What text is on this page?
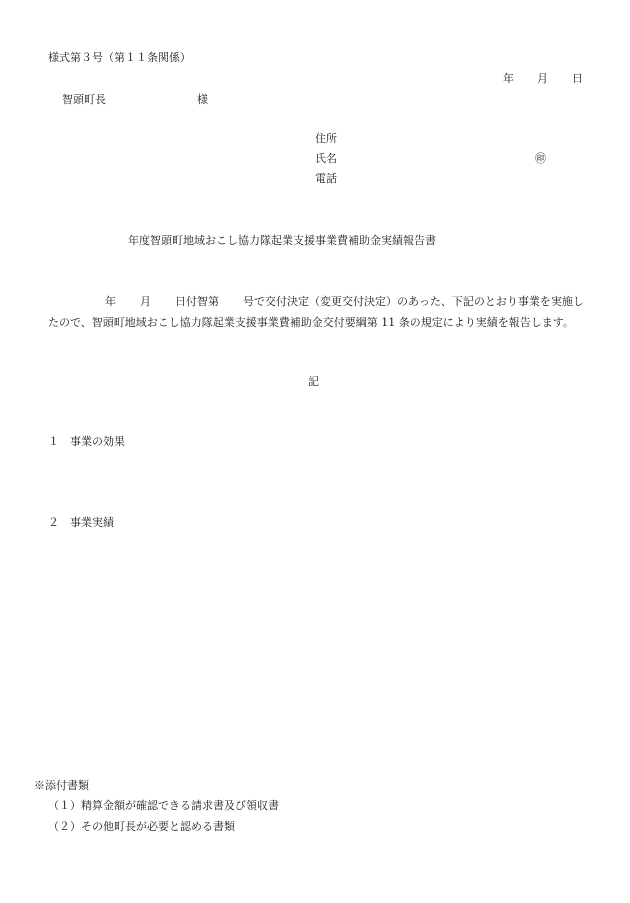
様式第３号（第１１条関係）
年 月 日
智頭町長	様
住所
氏名	㊞
電話
年度智頭町地域おこし協力隊起業支援事業費補助金実績報告書
年 月 日付智第 号で交付決定（変更交付決定）のあった、下記のとおり事業を実施したので、智頭町地域おこし協力隊起業支援事業費補助金交付要綱第 11 条の規定により実績を報告します。
記
１ 事業の効果
２ 事業実績
※添付書類
（１）精算金額が確認できる請求書及び領収書
（２）その他町長が必要と認める書類
